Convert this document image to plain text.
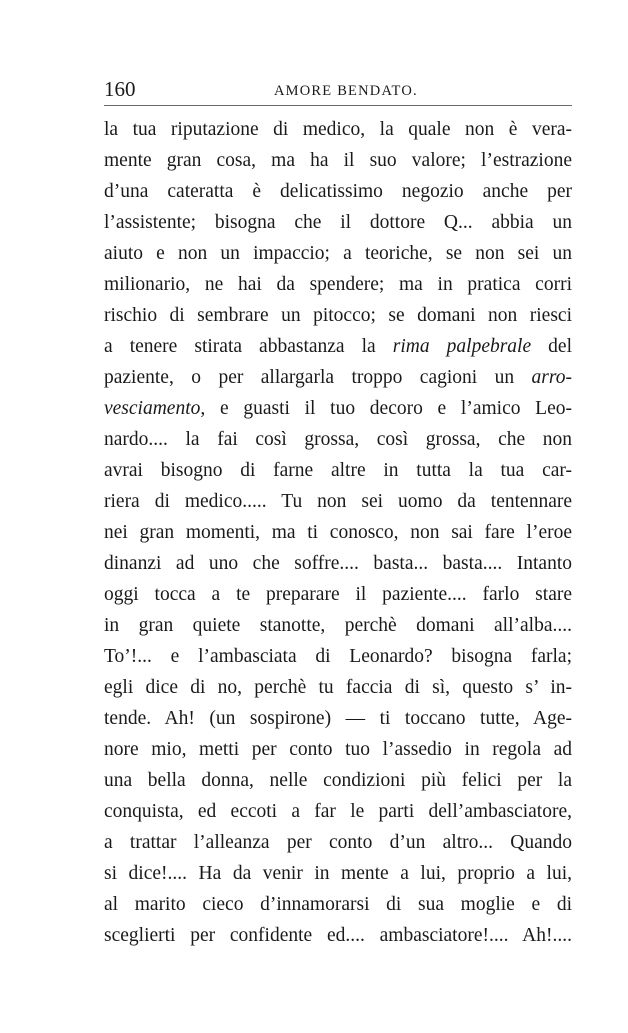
160	AMORE BENDATO.
la tua riputazione di medico, la quale non è vera-
mente gran cosa, ma ha il suo valore; l’estrazione
d’una cateratta è delicatissimo negozio anche per
l’assistente; bisogna che il dottore Q... abbia un
aiuto e non un impaccio; a teoriche, se non sei un
milionario, ne hai da spendere; ma in pratica corri
rischio di sembrare un pitocco; se domani non riesci
a tenere stirata abbastanza la rima palpebrale del
paziente, o per allargarla troppo cagioni un arro-
vesciamento, e guasti il tuo decoro e l’amico Leo-
nardo.... la fai così grossa, così grossa, che non
avrai bisogno di farne altre in tutta la tua car-
riera di medico..... Tu non sei uomo da tentennare
nei gran momenti, ma ti conosco, non sai fare l’eroe
dinanzi ad uno che soffre.... basta... basta.... Intanto
oggi tocca a te preparare il paziente.... farlo stare
in gran quiete stanotte, perchè domani all’alba....
To’!... e l’ambasciata di Leonardo? bisogna farla;
egli dice di no, perchè tu faccia di sì, questo s’ in-
tende. Ah! (un sospirone) — ti toccano tutte, Age-
nore mio, metti per conto tuo l’assedio in regola ad
una bella donna, nelle condizioni più felici per la
conquista, ed eccoti a far le parti dell’ambasciatore,
a trattar l’alleanza per conto d’un altro... Quando
si dice!.... Ha da venir in mente a lui, proprio a lui,
al marito cieco d’innamorarsi di sua moglie e di
sceglierti per confidente ed.... ambasciatore!.... Ah!....
